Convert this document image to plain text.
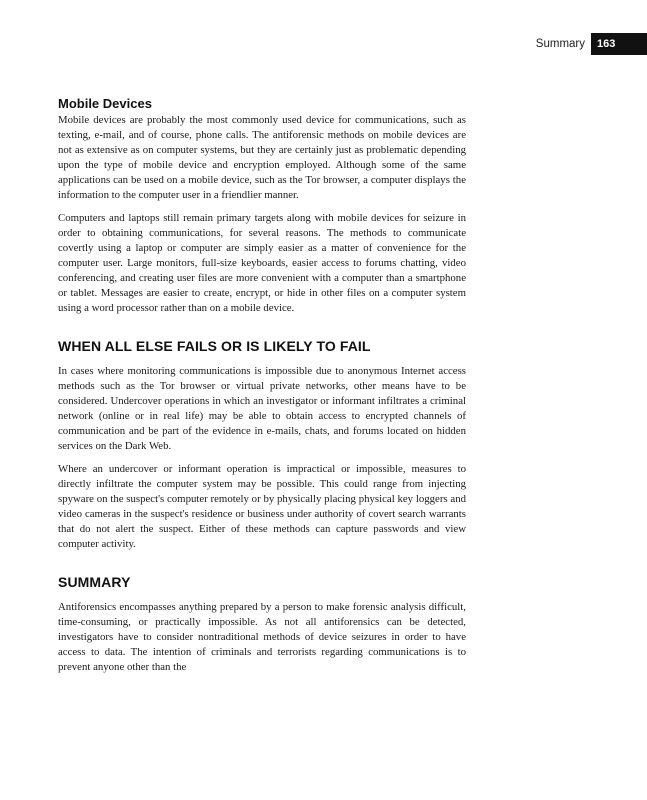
Summary	163
Mobile Devices

Mobile devices are probably the most commonly used device for communications, such as texting, e-mail, and of course, phone calls. The antiforensic methods on mobile devices are not as extensive as on computer systems, but they are certainly just as problematic depending upon the type of mobile device and encryption employed. Although some of the same applications can be used on a mobile device, such as the Tor browser, a computer displays the information to the computer user in a friendlier manner.

Computers and laptops still remain primary targets along with mobile devices for seizure in order to obtaining communications, for several reasons. The methods to communicate covertly using a laptop or computer are simply easier as a matter of convenience for the computer user. Large monitors, full-size keyboards, easier access to forums chatting, video conferencing, and creating user files are more convenient with a computer than a smartphone or tablet. Messages are easier to create, encrypt, or hide in other files on a computer system using a word processor rather than on a mobile device.

WHEN ALL ELSE FAILS OR IS LIKELY TO FAIL

In cases where monitoring communications is impossible due to anonymous Internet access methods such as the Tor browser or virtual private networks, other means have to be considered. Undercover operations in which an investigator or informant infiltrates a criminal network (online or in real life) may be able to obtain access to encrypted channels of communication and be part of the evidence in e-mails, chats, and forums located on hidden services on the Dark Web.

Where an undercover or informant operation is impractical or impossible, measures to directly infiltrate the computer system may be possible. This could range from injecting spyware on the suspect's computer remotely or by physically placing physical key loggers and video cameras in the suspect's residence or business under authority of covert search warrants that do not alert the suspect. Either of these methods can capture passwords and view computer activity.

SUMMARY

Antiforensics encompasses anything prepared by a person to make forensic analysis difficult, time-consuming, or practically impossible. As not all antiforensics can be detected, investigators have to consider nontraditional methods of device seizures in order to have access to data. The intention of criminals and terrorists regarding communications is to prevent anyone other than the
